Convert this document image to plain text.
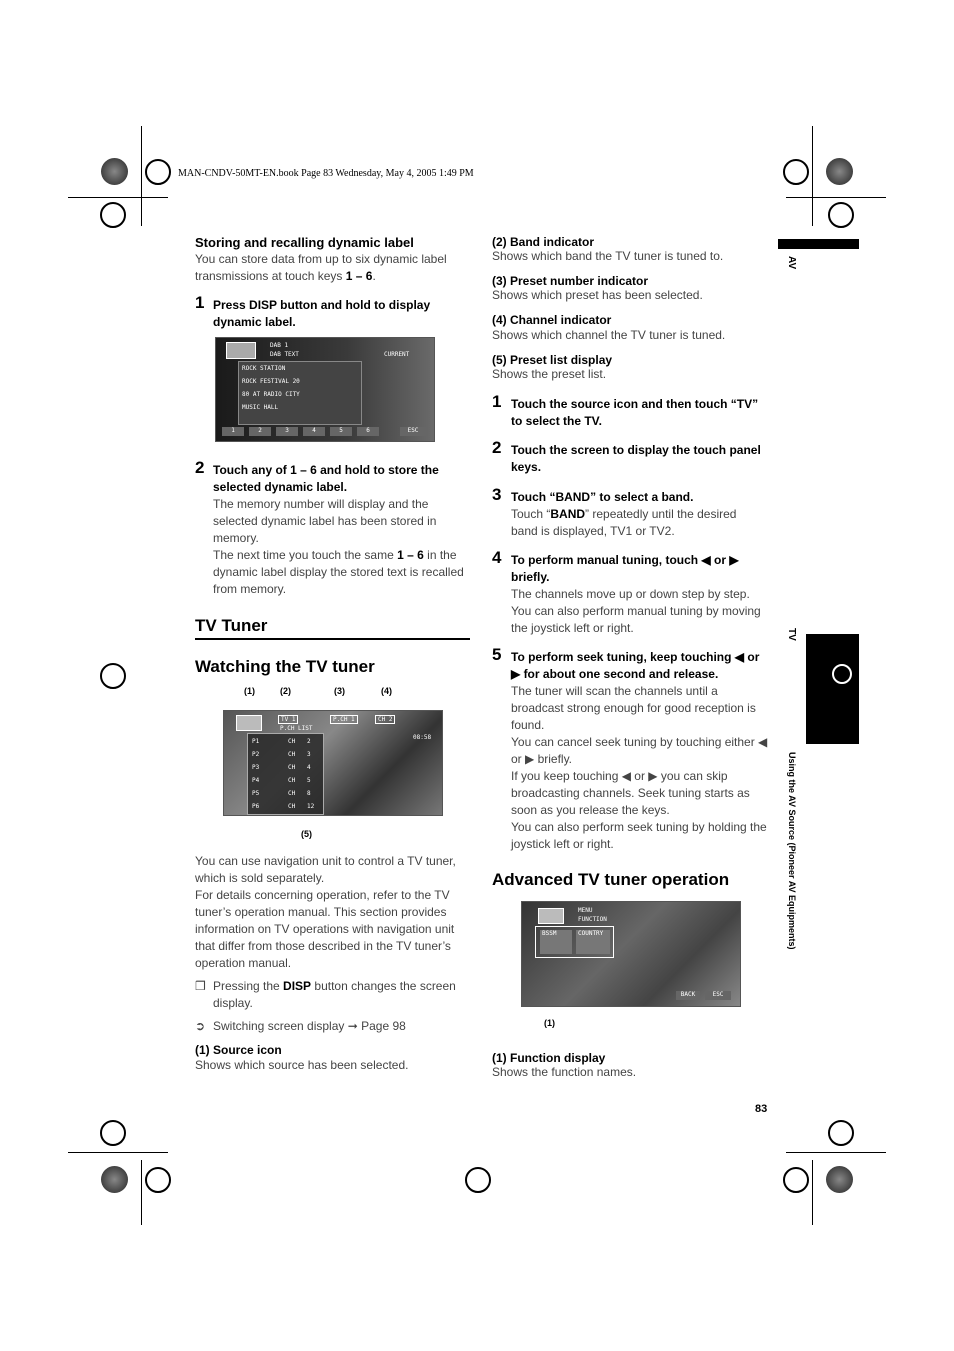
MAN-CNDV-50MT-EN.book Page 83 Wednesday, May 4, 2005 1:49 PM
AV
TV
Chapter 7
Using the AV Source (Pioneer AV Equipments)
Storing and recalling dynamic label
You can store data from up to six dynamic label
transmissions at touch keys 1 – 6.
1 Press DISP button and hold to display dynamic label.
DAB 1
DAB TEXT	CURRENT
ROCK STATION
ROCK FESTIVAL 20
80 AT RADIO CITY
MUSIC HALL
1	2	3	4	5	6	ESC
2 Touch any of 1 – 6 and hold to store the selected dynamic label.
The memory number will display and the selected dynamic label has been stored in memory.
The next time you touch the same 1 – 6 in the dynamic label display the stored text is recalled from memory.
TV Tuner
Watching the TV tuner
(1)	(2)	(3)	(4)
TV 1	P.CH 1	CH 2
P.CH LIST
08:58
P1	CH 2
P2	CH 3
P3	CH 4
P4	CH 5
P5	CH 8
P6	CH 12
(5)
You can use navigation unit to control a TV tuner, which is sold separately.
For details concerning operation, refer to the TV tuner’s operation manual. This section provides information on TV operations with navigation unit that differ from those described in the TV tuner’s operation manual.
❒ Pressing the DISP button changes the screen display.
➲ Switching screen display ➞ Page 98
(1) Source icon
Shows which source has been selected.
(2) Band indicator
Shows which band the TV tuner is tuned to.
(3) Preset number indicator
Shows which preset has been selected.
(4) Channel indicator
Shows which channel the TV tuner is tuned.
(5) Preset list display
Shows the preset list.
1 Touch the source icon and then touch “TV” to select the TV.
2 Touch the screen to display the touch panel keys.
3 Touch “BAND” to select a band.
Touch “BAND” repeatedly until the desired band is displayed, TV1 or TV2.
4 To perform manual tuning, touch ◀ or ▶ briefly.
The channels move up or down step by step. You can also perform manual tuning by moving the joystick left or right.
5 To perform seek tuning, keep touching ◀ or ▶ for about one second and release.
The tuner will scan the channels until a broadcast strong enough for good reception is found.
You can cancel seek tuning by touching either ◀ or ▶ briefly.
If you keep touching ◀ or ▶ you can skip broadcasting channels. Seek tuning starts as soon as you release the keys.
You can also perform seek tuning by holding the joystick left or right.
Advanced TV tuner operation
MENU
FUNCTION
BSSM	COUNTRY
BACK	ESC
(1)
(1) Function display
Shows the function names.
83
